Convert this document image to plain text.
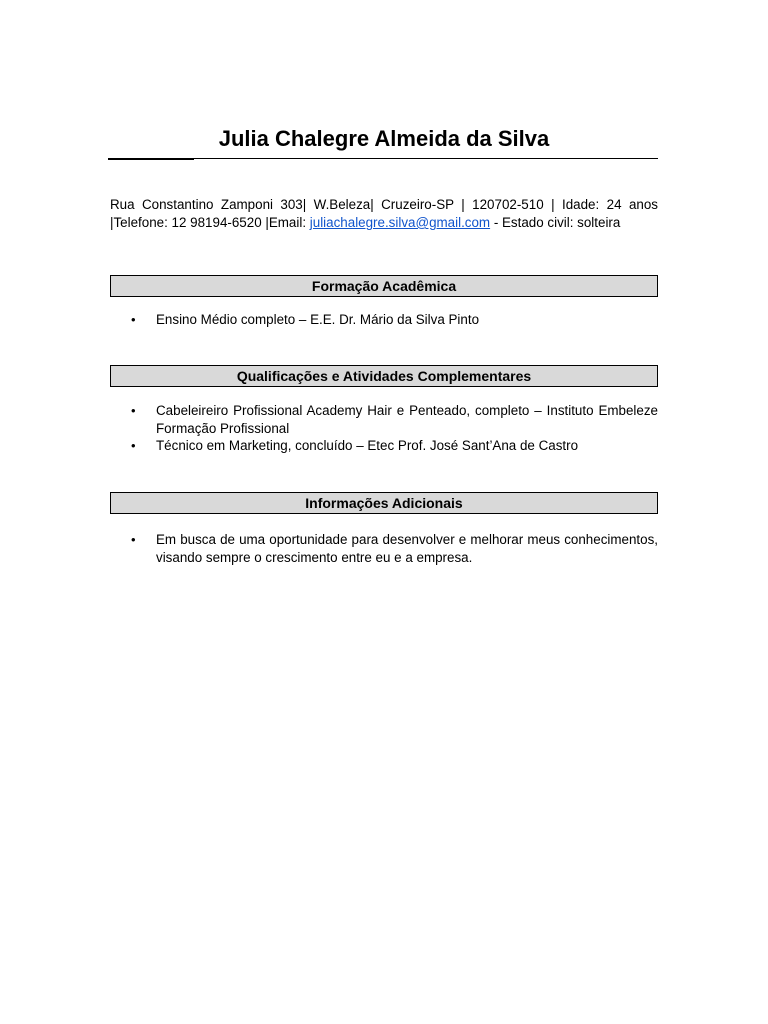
Julia Chalegre Almeida da Silva
Rua Constantino Zamponi 303| W.Beleza| Cruzeiro-SP | 120702-510 | Idade: 24 anos
|Telefone: 12 98194-6520 |Email: juliachalegre.silva@gmail.com - Estado civil: solteira
Formação Acadêmica
• Ensino Médio completo – E.E. Dr. Mário da Silva Pinto
Qualificações e Atividades Complementares
• Cabeleireiro Profissional Academy Hair e Penteado, completo – Instituto Embeleze Formação Profissional
• Técnico em Marketing, concluído – Etec Prof. José Sant’Ana de Castro
Informações Adicionais
• Em busca de uma oportunidade para desenvolver e melhorar meus conhecimentos, visando sempre o crescimento entre eu e a empresa.
